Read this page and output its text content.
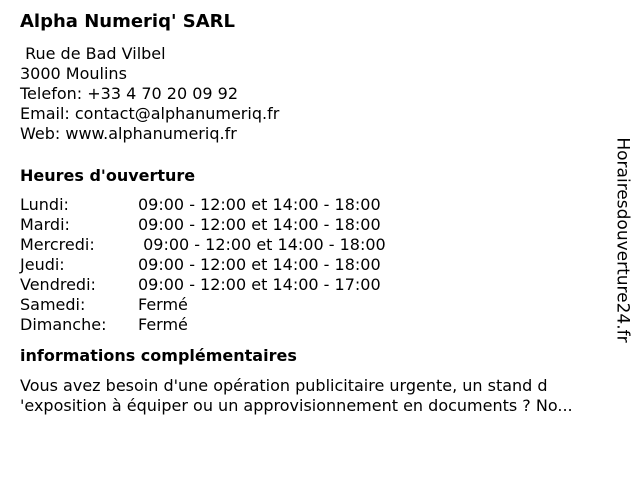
Alpha Numeriq' SARL
Rue de Bad Vilbel
3000 Moulins
Telefon: +33 4 70 20 09 92
Email: contact@alphanumeriq.fr
Web: www.alphanumeriq.fr
Heures d'ouverture
Lundi:	09:00 - 12:00 et 14:00 - 18:00
Mardi:	09:00 - 12:00 et 14:00 - 18:00
Mercredi:	09:00 - 12:00 et 14:00 - 18:00
Jeudi:	09:00 - 12:00 et 14:00 - 18:00
Vendredi:	09:00 - 12:00 et 14:00 - 17:00
Samedi:	Fermé
Dimanche:	Fermé
informations complémentaires
Vous avez besoin d'une opération publicitaire urgente, un stand d
'exposition à équiper ou un approvisionnement en documents ? No...
Horairesdouverture24.fr
